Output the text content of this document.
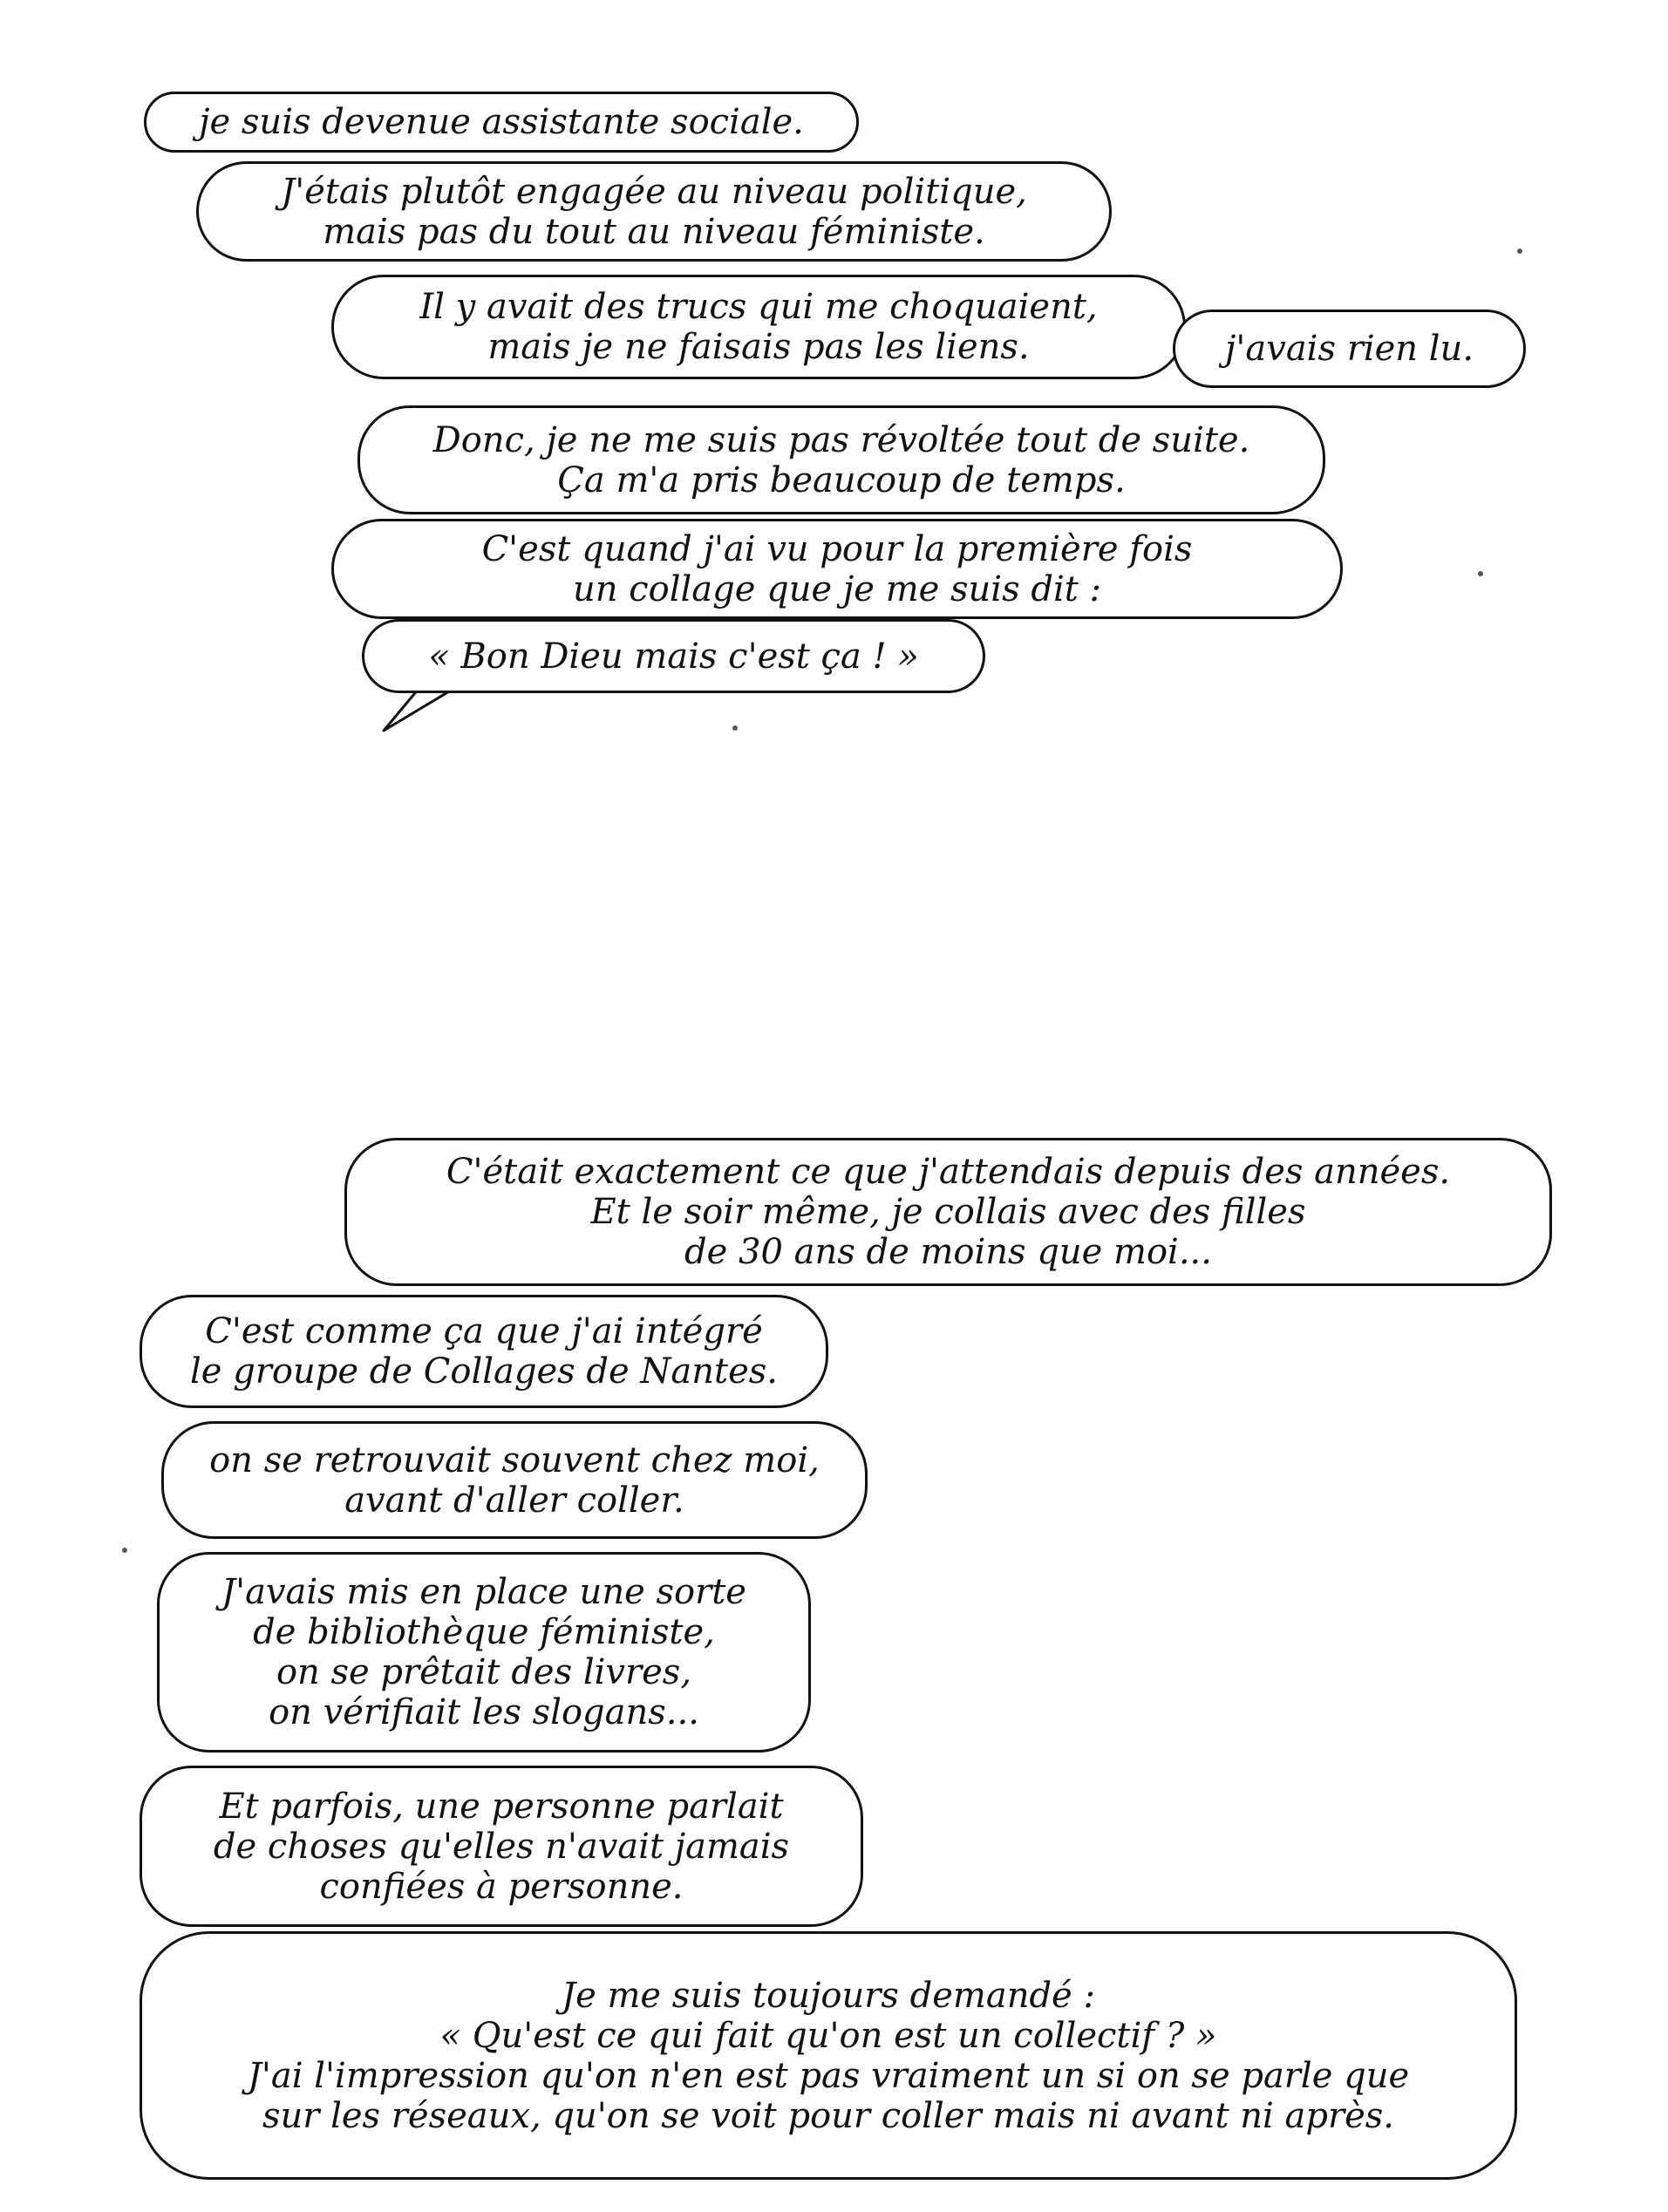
je suis devenue assistante sociale.
J'étais plutôt engagée au niveau politique,
mais pas du tout au niveau féministe.
Il y avait des trucs qui me choquaient,
mais je ne faisais pas les liens.	j'avais rien lu.
Donc, je ne me suis pas révoltée tout de suite.
Ça m'a pris beaucoup de temps.
C'est quand j'ai vu pour la première fois
un collage que je me suis dit :
« Bon Dieu mais c'est ça ! »
C'était exactement ce que j'attendais depuis des années.
Et le soir même, je collais avec des filles
de 30 ans de moins que moi...
C'est comme ça que j'ai intégré
le groupe de Collages de Nantes.
on se retrouvait souvent chez moi,
avant d'aller coller.
J'avais mis en place une sorte
de bibliothèque féministe,
on se prêtait des livres,
on vérifiait les slogans...
Et parfois, une personne parlait
de choses qu'elles n'avait jamais
confiées à personne.
Je me suis toujours demandé :
« Qu'est ce qui fait qu'on est un collectif ? »
J'ai l'impression qu'on n'en est pas vraiment un si on se parle que
sur les réseaux, qu'on se voit pour coller mais ni avant ni après.
